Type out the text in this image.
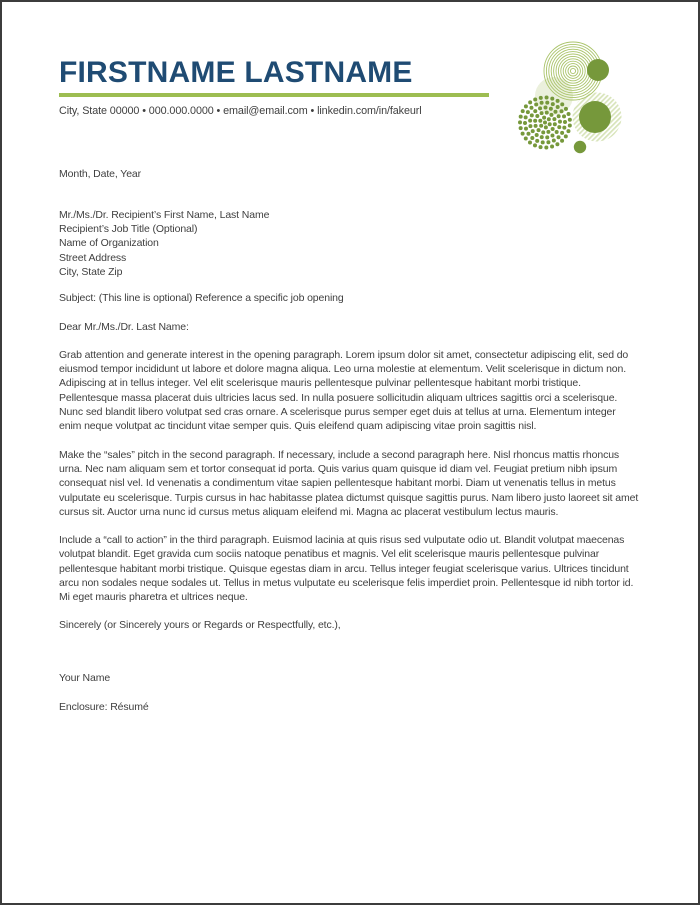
FIRSTNAME LASTNAME
City, State 00000 • 000.000.0000 • email@email.com • linkedin.com/in/fakeurl
Month, Date, Year
Mr./Ms./Dr. Recipient’s First Name, Last Name
Recipient’s Job Title (Optional)
Name of Organization
Street Address
City, State Zip
Subject: (This line is optional) Reference a specific job opening
Dear Mr./Ms./Dr. Last Name:

Grab attention and generate interest in the opening paragraph. Lorem ipsum dolor sit amet, consectetur adipiscing elit, sed do eiusmod tempor incididunt ut labore et dolore magna aliqua. Leo urna molestie at elementum. Velit scelerisque in dictum non. Adipiscing at in tellus integer. Vel elit scelerisque mauris pellentesque pulvinar pellentesque habitant morbi tristique. Pellentesque massa placerat duis ultricies lacus sed. In nulla posuere sollicitudin aliquam ultrices sagittis orci a scelerisque. Nunc sed blandit libero volutpat sed cras ornare. A scelerisque purus semper eget duis at tellus at urna. Elementum integer enim neque volutpat ac tincidunt vitae semper quis. Quis eleifend quam adipiscing vitae proin sagittis nisl.

Make the “sales” pitch in the second paragraph. If necessary, include a second paragraph here. Nisl rhoncus mattis rhoncus urna. Nec nam aliquam sem et tortor consequat id porta. Quis varius quam quisque id diam vel. Feugiat pretium nibh ipsum consequat nisl vel. Id venenatis a condimentum vitae sapien pellentesque habitant morbi. Diam ut venenatis tellus in metus vulputate eu scelerisque. Turpis cursus in hac habitasse platea dictumst quisque sagittis purus. Nam libero justo laoreet sit amet cursus sit. Auctor urna nunc id cursus metus aliquam eleifend mi. Magna ac placerat vestibulum lectus mauris.

Include a “call to action” in the third paragraph. Euismod lacinia at quis risus sed vulputate odio ut. Blandit volutpat maecenas volutpat blandit. Eget gravida cum sociis natoque penatibus et magnis. Vel elit scelerisque mauris pellentesque pulvinar pellentesque habitant morbi tristique. Quisque egestas diam in arcu. Tellus integer feugiat scelerisque varius. Ultrices tincidunt arcu non sodales neque sodales ut. Tellus in metus vulputate eu scelerisque felis imperdiet proin. Pellentesque id nibh tortor id. Mi eget mauris pharetra et ultrices neque.

Sincerely (or Sincerely yours or Regards or Respectfully, etc.),
Your Name
Enclosure: Résumé
